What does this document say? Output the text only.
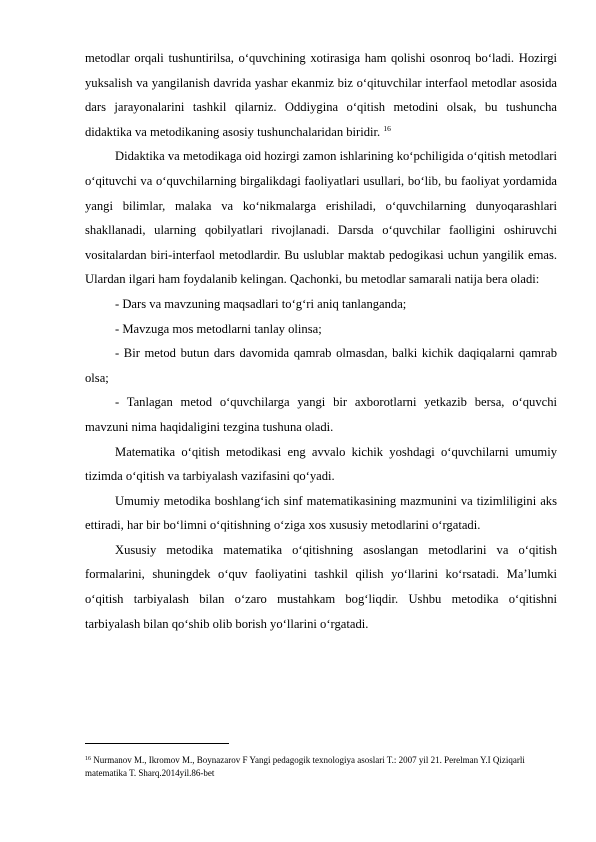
metodlar orqali tushuntirilsa, o‘quvchining xotirasiga ham qolishi osonroq bo‘ladi. Hozirgi yuksalish va yangilanish davrida yashar ekanmiz biz o‘qituvchilar interfaol metodlar asosida dars jarayonalarini tashkil qilarniz. Oddiygina o‘qitish metodini olsak, bu tushuncha didaktika va metodikaning asosiy tushunchalaridan biridir. $^{16}$

Didaktika va metodikaga oid hozirgi zamon ishlarining ko‘pchiligida o‘qitish metodlari o‘qituvchi va o‘quvchilarning birgalikdagi faoliyatlari usullari, bo‘lib, bu faoliyat yordamida yangi bilimlar, malaka va ko‘nikmalarga erishiladi, o‘quvchilarning dunyoqarashlari shakllanadi, ularning qobilyatlari rivojlanadi. Darsda o‘quvchilar faolligini oshiruvchi vositalardan biri-interfaol metodlardir. Bu uslublar maktab pedogikasi uchun yangilik emas. Ulardan ilgari ham foydalanib kelingan. Qachonki, bu metodlar samarali natija bera oladi:

- Dars va mavzuning maqsadlari to‘g‘ri aniq tanlanganda;

- Mavzuga mos metodlarni tanlay olinsa;

- Bir metod butun dars davomida qamrab olmasdan, balki kichik daqiqalarni qamrab olsa;

- Tanlagan metod o‘quvchilarga yangi bir axborotlarni yetkazib bersa, o‘quvchi mavzuni nima haqidaligini tezgina tushuna oladi.

Matematika o‘qitish metodikasi eng avvalo kichik yoshdagi o‘quvchilarni umumiy tizimda o‘qitish va tarbiyalash vazifasini qo‘yadi.

Umumiy metodika boshlang‘ich sinf matematikasining mazmunini va tizimliligini aks ettiradi, har bir bo‘limni o‘qitishning o‘ziga xos xususiy metodlarini o‘rgatadi.

Xususiy metodika matematika o‘qitishning asoslangan metodlarini va o‘qitish formalarini, shuningdek o‘quv faoliyatini tashkil qilish yo‘llarini ko‘rsatadi. Ma’lumki o‘qitish tarbiyalash bilan o‘zaro mustahkam bog‘liqdir. Ushbu metodika o‘qitishni tarbiyalash bilan qo‘shib olib borish yo‘llarini o‘rgatadi.

$^{16}$ Nurmanov M., Ikromov M., Boynazarov F Yangi pedagogik texnologiya asoslari T.: 2007 yil 21. Perelman Y.I Qiziqarli matematika T. Sharq.2014yil.86-bet
